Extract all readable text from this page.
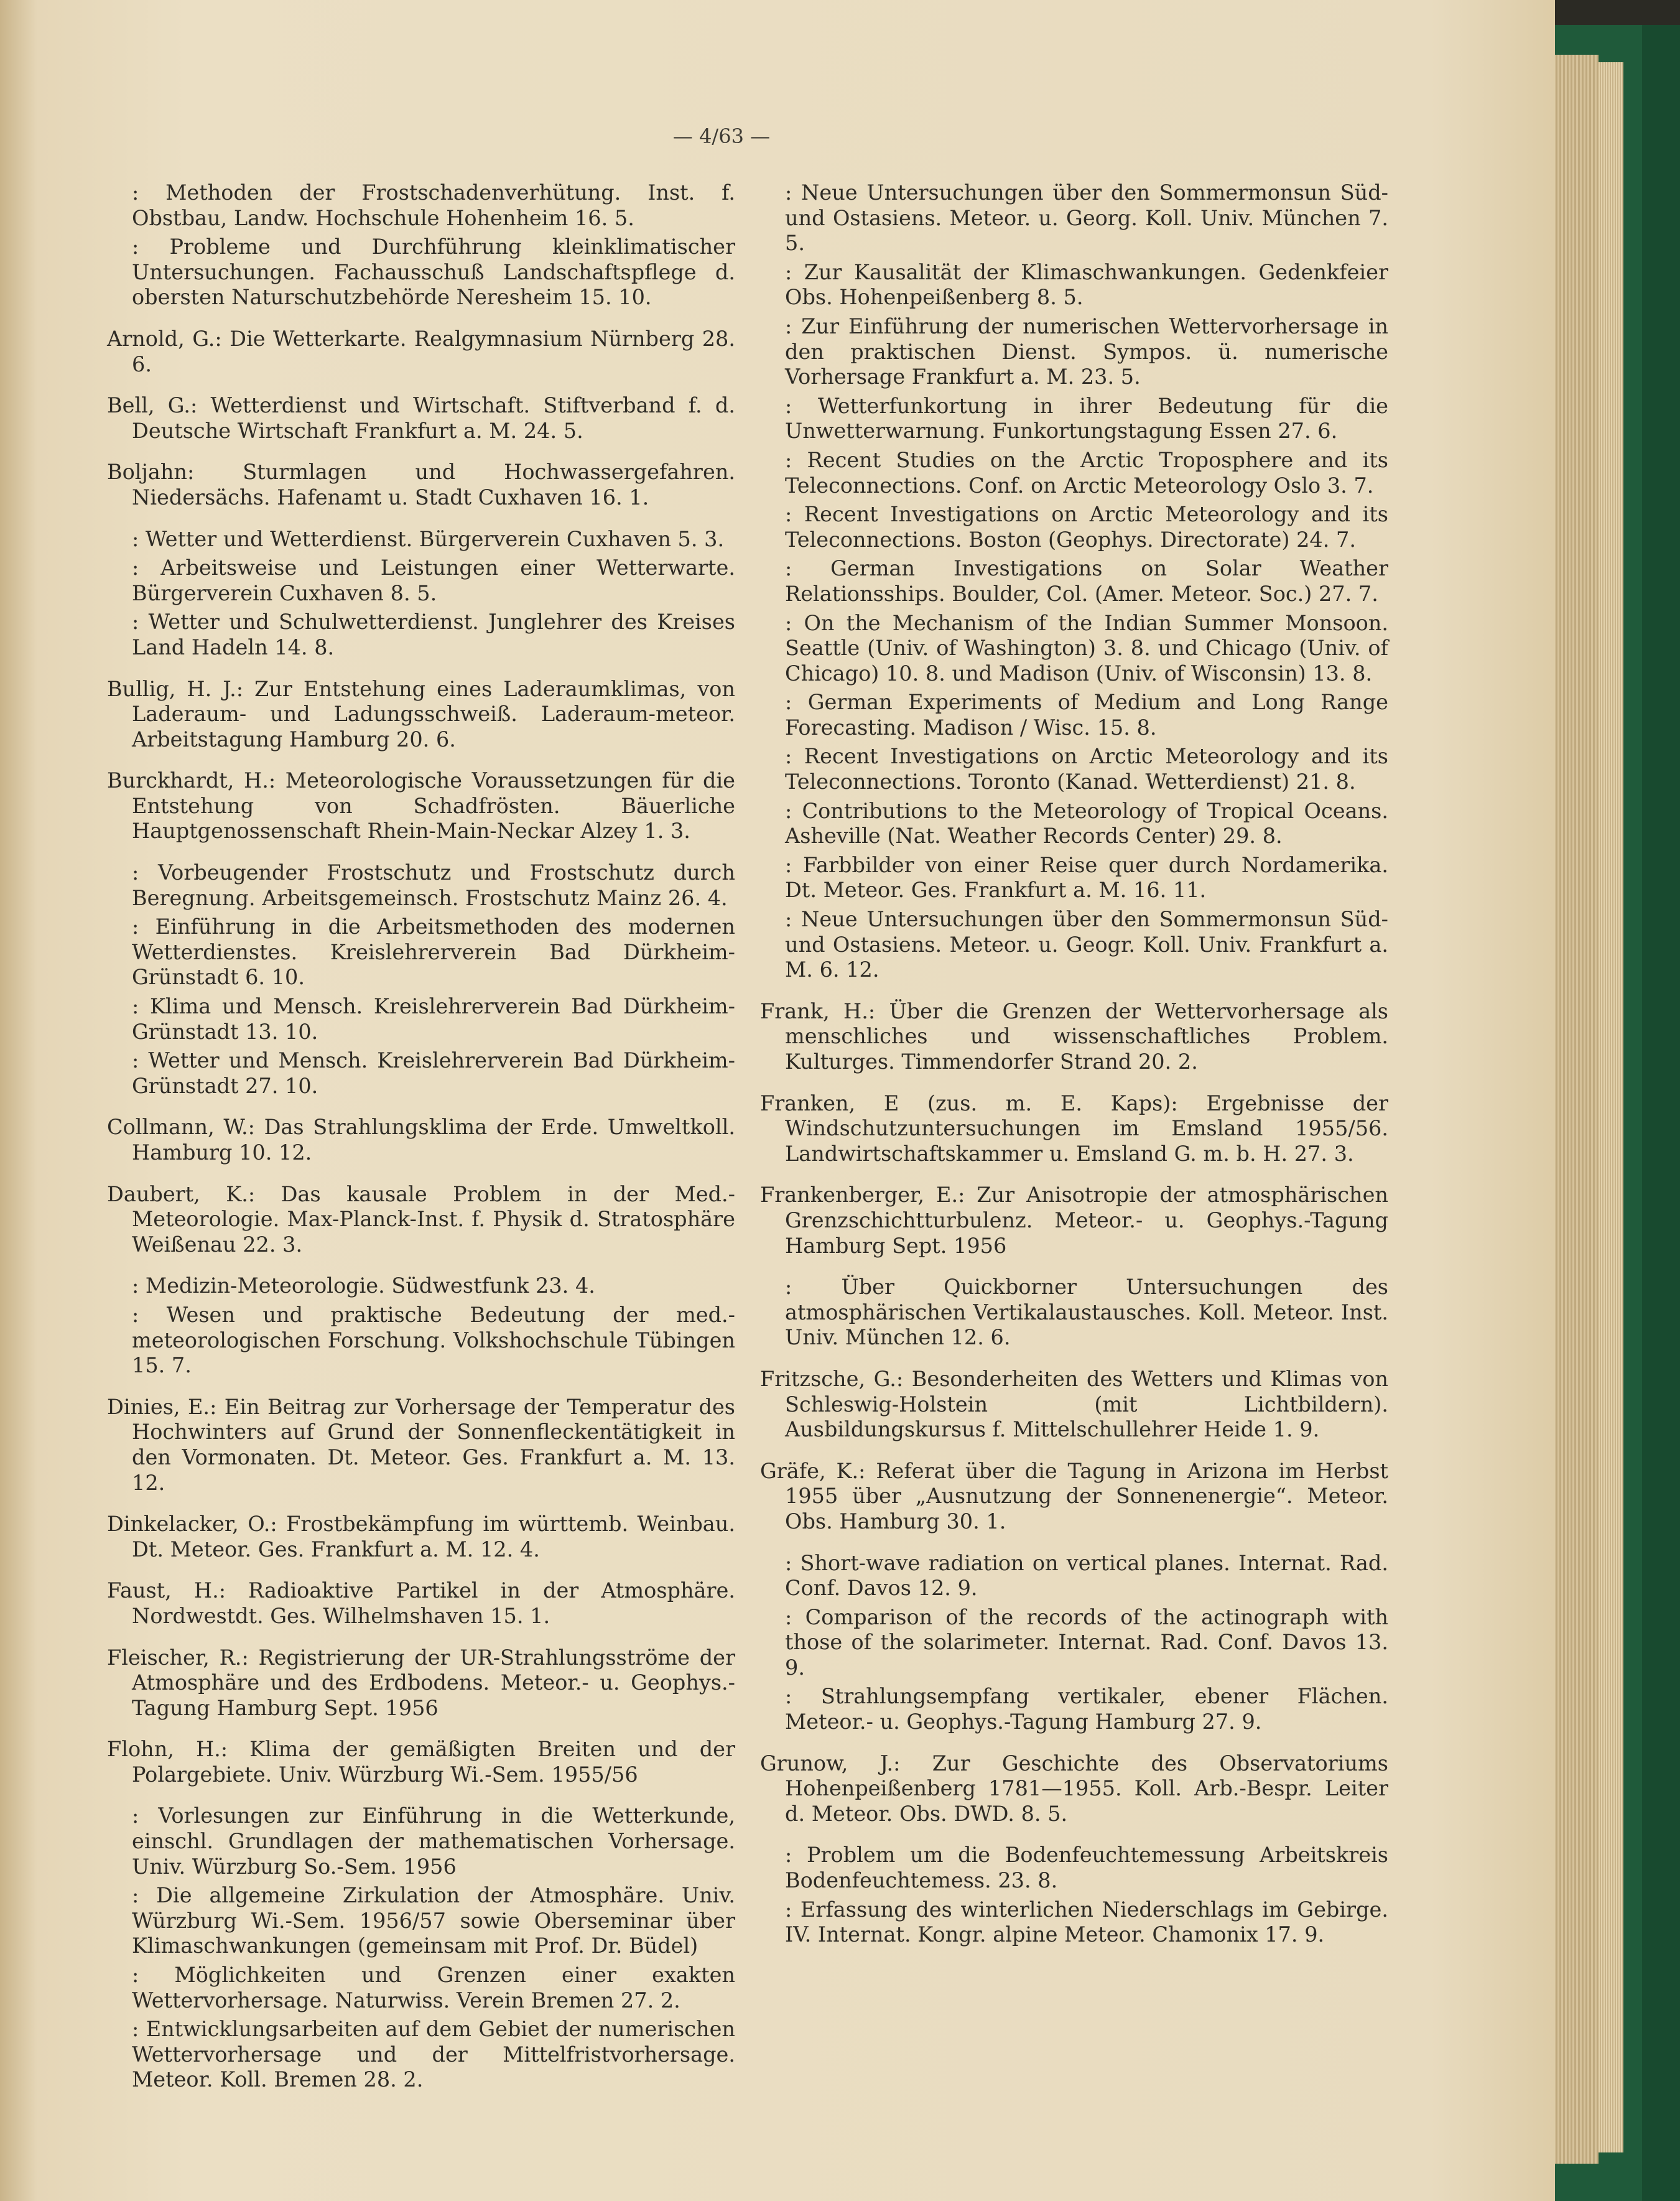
— 4/63 —

: Methoden der Frostschadenverhütung. Inst. f. Obstbau, Landw. Hochschule Hohenheim 16. 5.

: Probleme und Durchführung kleinklimatischer Untersuchungen. Fachausschuß Landschaftspflege d. obersten Naturschutzbehörde Neresheim 15. 10.

Arnold, G.: Die Wetterkarte. Realgymnasium Nürnberg 28. 6.

Bell, G.: Wetterdienst und Wirtschaft. Stiftverband f. d. Deutsche Wirtschaft Frankfurt a. M. 24. 5.

Boljahn: Sturmlagen und Hochwassergefahren. Niedersächs. Hafenamt u. Stadt Cuxhaven 16. 1.

: Wetter und Wetterdienst. Bürgerverein Cuxhaven 5. 3.

: Arbeitsweise und Leistungen einer Wetterwarte. Bürgerverein Cuxhaven 8. 5.

: Wetter und Schulwetterdienst. Junglehrer des Kreises Land Hadeln 14. 8.

Bullig, H. J.: Zur Entstehung eines Laderaumklimas, von Laderaum- und Ladungsschweiß. Laderaum-meteor. Arbeitstagung Hamburg 20. 6.

Burckhardt, H.: Meteorologische Voraussetzungen für die Entstehung von Schadfrösten. Bäuerliche Hauptgenossenschaft Rhein-Main-Neckar Alzey 1. 3.

: Vorbeugender Frostschutz und Frostschutz durch Beregnung. Arbeitsgemeinsch. Frostschutz Mainz 26. 4.

: Einführung in die Arbeitsmethoden des modernen Wetterdienstes. Kreislehrerverein Bad Dürkheim-Grünstadt 6. 10.

: Klima und Mensch. Kreislehrerverein Bad Dürkheim-Grünstadt 13. 10.

: Wetter und Mensch. Kreislehrerverein Bad Dürkheim-Grünstadt 27. 10.

Collmann, W.: Das Strahlungsklima der Erde. Umweltkoll. Hamburg 10. 12.

Daubert, K.: Das kausale Problem in der Med.-Meteorologie. Max-Planck-Inst. f. Physik d. Stratosphäre Weißenau 22. 3.

: Medizin-Meteorologie. Südwestfunk 23. 4.

: Wesen und praktische Bedeutung der med.-meteorologischen Forschung. Volkshochschule Tübingen 15. 7.

Dinies, E.: Ein Beitrag zur Vorhersage der Temperatur des Hochwinters auf Grund der Sonnenfleckentätigkeit in den Vormonaten. Dt. Meteor. Ges. Frankfurt a. M. 13. 12.

Dinkelacker, O.: Frostbekämpfung im württemb. Weinbau. Dt. Meteor. Ges. Frankfurt a. M. 12. 4.

Faust, H.: Radioaktive Partikel in der Atmosphäre. Nordwestdt. Ges. Wilhelmshaven 15. 1.

Fleischer, R.: Registrierung der UR-Strahlungsströme der Atmosphäre und des Erdbodens. Meteor.- u. Geophys.-Tagung Hamburg Sept. 1956

Flohn, H.: Klima der gemäßigten Breiten und der Polargebiete. Univ. Würzburg Wi.-Sem. 1955/56

: Vorlesungen zur Einführung in die Wetterkunde, einschl. Grundlagen der mathematischen Vorhersage. Univ. Würzburg So.-Sem. 1956

: Die allgemeine Zirkulation der Atmosphäre. Univ. Würzburg Wi.-Sem. 1956/57 sowie Oberseminar über Klimaschwankungen (gemeinsam mit Prof. Dr. Büdel)

: Möglichkeiten und Grenzen einer exakten Wettervorhersage. Naturwiss. Verein Bremen 27. 2.

: Entwicklungsarbeiten auf dem Gebiet der numerischen Wettervorhersage und der Mittelfristvorhersage. Meteor. Koll. Bremen 28. 2.

: Neue Untersuchungen über den Sommermonsun Süd- und Ostasiens. Meteor. u. Georg. Koll. Univ. München 7. 5.

: Zur Kausalität der Klimaschwankungen. Gedenkfeier Obs. Hohenpeißenberg 8. 5.

: Zur Einführung der numerischen Wettervorhersage in den praktischen Dienst. Sympos. ü. numerische Vorhersage Frankfurt a. M. 23. 5.

: Wetterfunkortung in ihrer Bedeutung für die Unwetterwarnung. Funkortungstagung Essen 27. 6.

: Recent Studies on the Arctic Troposphere and its Teleconnections. Conf. on Arctic Meteorology Oslo 3. 7.

: Recent Investigations on Arctic Meteorology and its Teleconnections. Boston (Geophys. Directorate) 24. 7.

: German Investigations on Solar Weather Relationsships. Boulder, Col. (Amer. Meteor. Soc.) 27. 7.

: On the Mechanism of the Indian Summer Monsoon. Seattle (Univ. of Washington) 3. 8. und Chicago (Univ. of Chicago) 10. 8. und Madison (Univ. of Wisconsin) 13. 8.

: German Experiments of Medium and Long Range Forecasting. Madison / Wisc. 15. 8.

: Recent Investigations on Arctic Meteorology and its Teleconnections. Toronto (Kanad. Wetterdienst) 21. 8.

: Contributions to the Meteorology of Tropical Oceans. Asheville (Nat. Weather Records Center) 29. 8.

: Farbbilder von einer Reise quer durch Nordamerika. Dt. Meteor. Ges. Frankfurt a. M. 16. 11.

: Neue Untersuchungen über den Sommermonsun Süd- und Ostasiens. Meteor. u. Geogr. Koll. Univ. Frankfurt a. M. 6. 12.

Frank, H.: Über die Grenzen der Wettervorhersage als menschliches und wissenschaftliches Problem. Kulturges. Timmendorfer Strand 20. 2.

Franken, E (zus. m. E. Kaps): Ergebnisse der Windschutzuntersuchungen im Emsland 1955/56. Landwirtschaftskammer u. Emsland G. m. b. H. 27. 3.

Frankenberger, E.: Zur Anisotropie der atmosphärischen Grenzschichtturbulenz. Meteor.- u. Geophys.-Tagung Hamburg Sept. 1956

: Über Quickborner Untersuchungen des atmosphärischen Vertikalaustausches. Koll. Meteor. Inst. Univ. München 12. 6.

Fritzsche, G.: Besonderheiten des Wetters und Klimas von Schleswig-Holstein (mit Lichtbildern). Ausbildungskursus f. Mittelschullehrer Heide 1. 9.

Gräfe, K.: Referat über die Tagung in Arizona im Herbst 1955 über „Ausnutzung der Sonnenenergie“. Meteor. Obs. Hamburg 30. 1.

: Short-wave radiation on vertical planes. Internat. Rad. Conf. Davos 12. 9.

: Comparison of the records of the actinograph with those of the solarimeter. Internat. Rad. Conf. Davos 13. 9.

: Strahlungsempfang vertikaler, ebener Flächen. Meteor.- u. Geophys.-Tagung Hamburg 27. 9.

Grunow, J.: Zur Geschichte des Observatoriums Hohenpeißenberg 1781—1955. Koll. Arb.-Bespr. Leiter d. Meteor. Obs. DWD. 8. 5.

: Problem um die Bodenfeuchtemessung Arbeitskreis Bodenfeuchtemess. 23. 8.

: Erfassung des winterlichen Niederschlags im Gebirge. IV. Internat. Kongr. alpine Meteor. Chamonix 17. 9.
